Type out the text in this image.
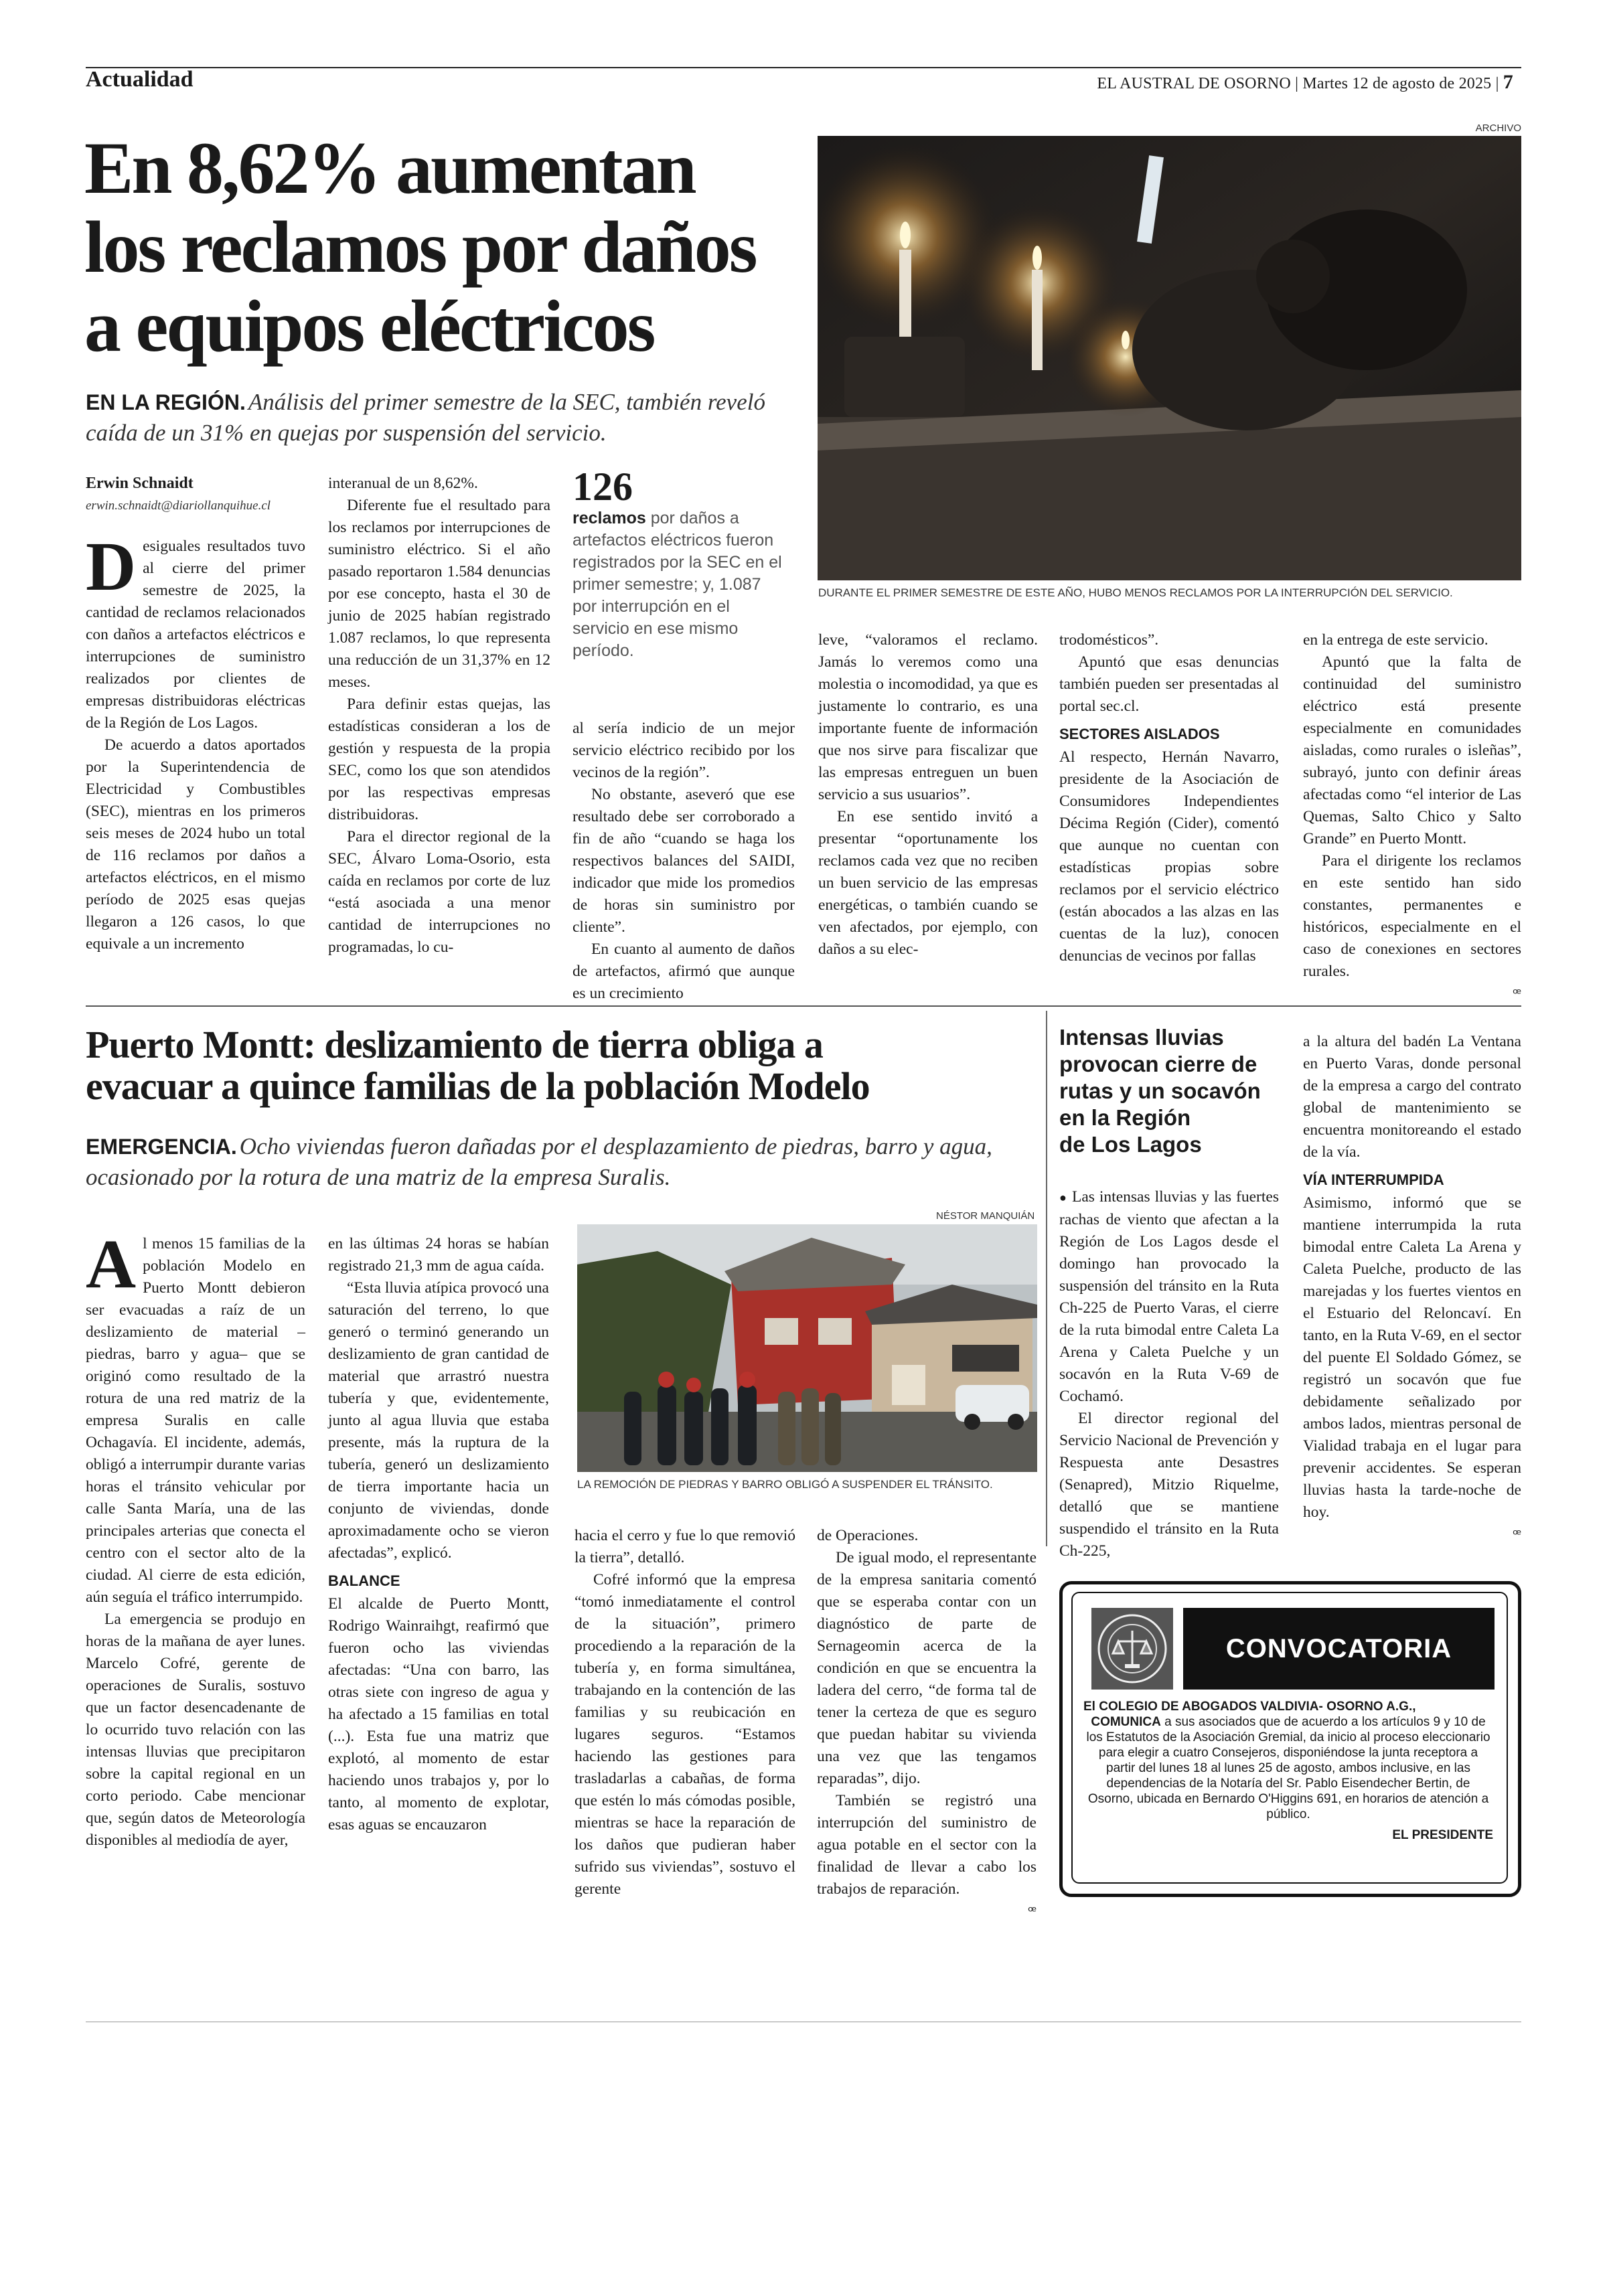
Actualidad	EL AUSTRAL DE OSORNO | Martes 12 de agosto de 2025 | 7
En 8,62% aumentan
los reclamos por daños
a equipos eléctricos
EN LA REGIÓN. Análisis del primer semestre de la SEC, también reveló caída de un 31% en quejas por suspensión del servicio.
ARCHIVO
DURANTE EL PRIMER SEMESTRE DE ESTE AÑO, HUBO MENOS RECLAMOS POR LA INTERRUPCIÓN DEL SERVICIO.
Erwin Schnaidt
erwin.schnaidt@diariollanquihue.cl

Desiguales resultados tuvo al cierre del primer semestre de 2025, la cantidad de reclamos relacionados con daños a artefactos eléctricos e interrupciones de suministro realizados por clientes de empresas distribuidoras eléctricas de la Región de Los Lagos.

De acuerdo a datos aportados por la Superintendencia de Electricidad y Combustibles (SEC), mientras en los primeros seis meses de 2024 hubo un total de 116 reclamos por daños a artefactos eléctricos, en el mismo período de 2025 esas quejas llegaron a 126 casos, lo que equivale a un incremento

interanual de un 8,62%.

Diferente fue el resultado para los reclamos por interrupciones de suministro eléctrico. Si el año pasado reportaron 1.584 denuncias por ese concepto, hasta el 30 de junio de 2025 habían registrado 1.087 reclamos, lo que representa una reducción de un 31,37% en 12 meses.

Para definir estas quejas, las estadísticas consideran a los de gestión y respuesta de la propia SEC, como los que son atendidos por las respectivas empresas distribuidoras.

Para el director regional de la SEC, Álvaro Loma-Osorio, esta caída en reclamos por corte de luz “está asociada a una menor cantidad de interrupciones no programadas, lo cu-

126
reclamos por daños a artefactos eléctricos fueron registrados por la SEC en el primer semestre; y, 1.087 por interrupción en el servicio en ese mismo período.

al sería indicio de un mejor servicio eléctrico recibido por los vecinos de la región”.

No obstante, aseveró que ese resultado debe ser corroborado a fin de año “cuando se haga los respectivos balances del SAIDI, indicador que mide los promedios de horas sin suministro por cliente”.

En cuanto al aumento de daños de artefactos, afirmó que aunque es un crecimiento

leve, “valoramos el reclamo. Jamás lo veremos como una molestia o incomodidad, ya que es justamente lo contrario, es una importante fuente de información que nos sirve para fiscalizar que las empresas entreguen un buen servicio a sus usuarios”.

En ese sentido invitó a presentar “oportunamente los reclamos cada vez que no reciben un buen servicio de las empresas energéticas, o también cuando se ven afectados, por ejemplo, con daños a su elec-

trodomésticos”.

Apuntó que esas denuncias también pueden ser presentadas al portal sec.cl.

SECTORES AISLADOS

Al respecto, Hernán Navarro, presidente de la Asociación de Consumidores Independientes Décima Región (Cider), comentó que aunque no cuentan con estadísticas propias sobre reclamos por el servicio eléctrico (están abocados a las alzas en las cuentas de la luz), conocen denuncias de vecinos por fallas

en la entrega de este servicio.

Apuntó que la falta de continuidad del suministro eléctrico está presente especialmente en comunidades aisladas, como rurales o isleñas”, subrayó, junto con definir áreas afectadas como “el interior de Las Quemas, Salto Chico y Salto Grande” en Puerto Montt.

Para el dirigente los reclamos en este sentido han sido constantes, permanentes e históricos, especialmente en el caso de conexiones en sectores rurales.

ꟹ
Puerto Montt: deslizamiento de tierra obliga a
evacuar a quince familias de la población Modelo
EMERGENCIA. Ocho viviendas fueron dañadas por el desplazamiento de piedras, barro y agua, ocasionado por la rotura de una matriz de la empresa Suralis.
NÉSTOR MANQUIÁN
LA REMOCIÓN DE PIEDRAS Y BARRO OBLIGÓ A SUSPENDER EL TRÁNSITO.

Al menos 15 familias de la población Modelo en Puerto Montt debieron ser evacuadas a raíz de un deslizamiento de material –piedras, barro y agua– que se originó como resultado de la rotura de una red matriz de la empresa Suralis en calle Ochagavía. El incidente, además, obligó a interrumpir durante varias horas el tránsito vehicular por calle Santa María, una de las principales arterias que conecta el centro con el sector alto de la ciudad. Al cierre de esta edición, aún seguía el tráfico interrumpido.

La emergencia se produjo en horas de la mañana de ayer lunes. Marcelo Cofré, gerente de operaciones de Suralis, sostuvo que un factor desencadenante de lo ocurrido tuvo relación con las intensas lluvias que precipitaron sobre la capital regional en un corto periodo. Cabe mencionar que, según datos de Meteorología disponibles al mediodía de ayer,

en las últimas 24 horas se habían registrado 21,3 mm de agua caída.

“Esta lluvia atípica provocó una saturación del terreno, lo que generó o terminó generando un deslizamiento de gran cantidad de material que arrastró nuestra tubería y que, evidentemente, junto al agua lluvia que estaba presente, más la ruptura de la tubería, generó un deslizamiento de tierra importante hacia un conjunto de viviendas, donde aproximadamente ocho se vieron afectadas”, explicó.

BALANCE

El alcalde de Puerto Montt, Rodrigo Wainraihgt, reafirmó que fueron ocho las viviendas afectadas: “Una con barro, las otras siete con ingreso de agua y ha afectado a 15 familias en total (...). Esta fue una matriz que explotó, al momento de estar haciendo unos trabajos y, por lo tanto, al momento de explotar, esas aguas se encauzaron

hacia el cerro y fue lo que removió la tierra”, detalló.

Cofré informó que la empresa “tomó inmediatamente el control de la situación”, primero procediendo a la reparación de la tubería y, en forma simultánea, trabajando en la contención de las familias y su reubicación en lugares seguros. “Estamos haciendo las gestiones para trasladarlas a cabañas, de forma que estén lo más cómodas posible, mientras se hace la reparación de los daños que pudieran haber sufrido sus viviendas”, sostuvo el gerente

de Operaciones.

De igual modo, el representante de la empresa sanitaria comentó que se esperaba contar con un diagnóstico de parte de Sernageomin acerca de la condición en que se encuentra la ladera del cerro, “de forma tal de tener la certeza de que es seguro que puedan habitar su vivienda una vez que las tengamos reparadas”, dijo.

También se registró una interrupción del suministro de agua potable en el sector con la finalidad de llevar a cabo los trabajos de reparación.

ꟹ
Intensas lluvias
provocan cierre de
rutas y un socavón
en la Región
de Los Lagos

● Las intensas lluvias y las fuertes rachas de viento que afectan a la Región de Los Lagos desde el domingo han provocado la suspensión del tránsito en la Ruta Ch-225 de Puerto Varas, el cierre de la ruta bimodal entre Caleta La Arena y Caleta Puelche y un socavón en la Ruta V-69 de Cochamó.

El director regional del Servicio Nacional de Prevención y Respuesta ante Desastres (Senapred), Mitzio Riquelme, detalló que se mantiene suspendido el tránsito en la Ruta Ch-225,

a la altura del badén La Ventana en Puerto Varas, donde personal de la empresa a cargo del contrato global de mantenimiento se encuentra monitoreando el estado de la vía.

VÍA INTERRUMPIDA

Asimismo, informó que se mantiene interrumpida la ruta bimodal entre Caleta La Arena y Caleta Puelche, producto de las marejadas y los fuertes vientos en el Estuario del Reloncaví. En tanto, en la Ruta V-69, en el sector del puente El Soldado Gómez, se registró un socavón que fue debidamente señalizado por ambos lados, mientras personal de Vialidad trabaja en el lugar para prevenir accidentes. Se esperan lluvias hasta la tarde-noche de hoy.

ꟹ
CONVOCATORIA
El COLEGIO DE ABOGADOS VALDIVIA- OSORNO A.G.,
COMUNICA a sus asociados que de acuerdo a los artículos 9 y 10 de los Estatutos de la Asociación Gremial, da inicio al proceso eleccionario para elegir a cuatro Consejeros, disponiéndose la junta receptora a partir del lunes 18 al lunes 25 de agosto, ambos inclusive, en las dependencias de la Notaría del Sr. Pablo Eisendecher Bertin, de Osorno, ubicada en Bernardo O'Higgins 691, en horarios de atención a público.
EL PRESIDENTE
